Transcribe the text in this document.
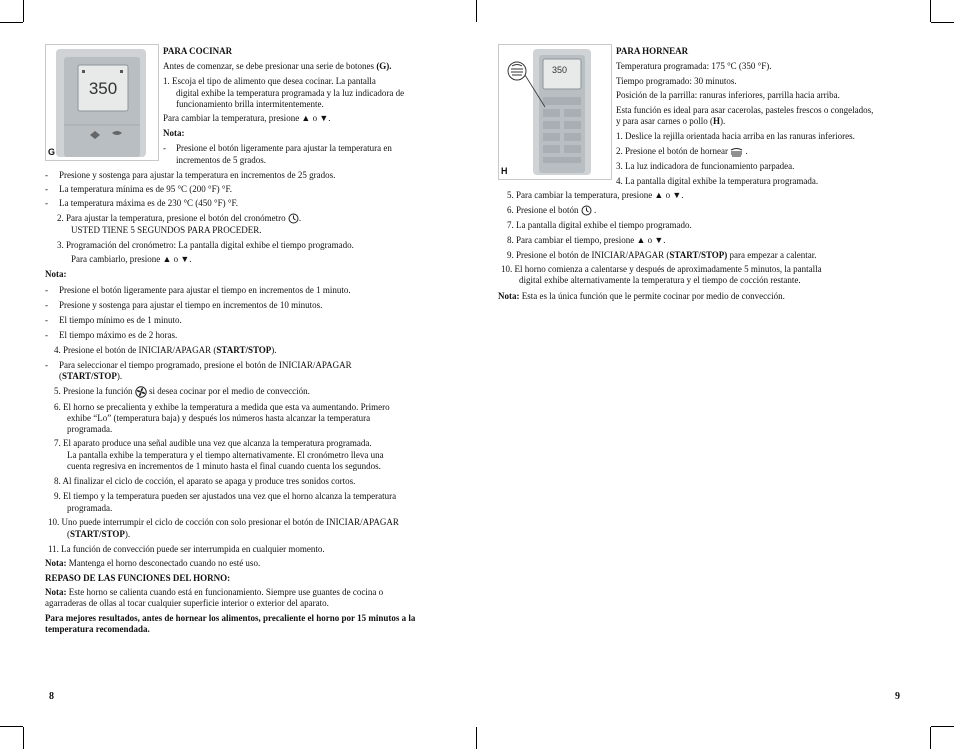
350
G
PARA COCINAR
Antes de comenzar, se debe presionar una serie de botones (G).
1. Escoja el tipo de alimento que desea cocinar. La pantalla
digital exhibe la temperatura programada y la luz indicadora de
funcionamiento brilla intermitentemente.
Para cambiar la temperatura, presione ▲ o ▼.
Nota:
- Presione el botón ligeramente para ajustar la temperatura en
incrementos de 5 grados.
- Presione y sostenga para ajustar la temperatura en incrementos de 25 grados.
- La temperatura mínima es de 95 °C (200 °F) °F.
- La temperatura máxima es de 230 °C (450 °F) °F.
2. Para ajustar la temperatura, presione el botón del cronómetro .
USTED TIENE 5 SEGUNDOS PARA PROCEDER.
3. Programación del cronómetro: La pantalla digital exhibe el tiempo programado.
Para cambiarlo, presione ▲ o ▼.
Nota:
- Presione el botón ligeramente para ajustar el tiempo en incrementos de 1 minuto.
- Presione y sostenga para ajustar el tiempo en incrementos de 10 minutos.
- El tiempo mínimo es de 1 minuto.
- El tiempo máximo es de 2 horas.
4. Presione el botón de INICIAR/APAGAR (START/STOP).
- Para seleccionar el tiempo programado, presione el botón de INICIAR/APAGAR
(START/STOP).
5. Presione la función si desea cocinar por el medio de convección.
6. El horno se precalienta y exhibe la temperatura a medida que esta va aumentando. Primero
exhibe “Lo” (temperatura baja) y después los números hasta alcanzar la temperatura
programada.
7. El aparato produce una señal audible una vez que alcanza la temperatura programada.
La pantalla exhibe la temperatura y el tiempo alternativamente. El cronómetro lleva una
cuenta regresiva en incrementos de 1 minuto hasta el final cuando cuenta los segundos.
8. Al finalizar el ciclo de cocción, el aparato se apaga y produce tres sonidos cortos.
9. El tiempo y la temperatura pueden ser ajustados una vez que el horno alcanza la temperatura
programada.
10. Uno puede interrumpir el ciclo de cocción con solo presionar el botón de INICIAR/APAGAR
(START/STOP).
11. La función de convección puede ser interrumpida en cualquier momento.
Nota: Mantenga el horno desconectado cuando no esté uso.
REPASO DE LAS FUNCIONES DEL HORNO:
Nota: Este horno se calienta cuando está en funcionamiento. Siempre use guantes de cocina o
agarraderas de ollas al tocar cualquier superficie interior o exterior del aparato.
Para mejores resultados, antes de hornear los alimentos, precaliente el horno por 15 minutos a la
temperatura recomendada.
8
350
H
PARA HORNEAR
Temperatura programada: 175 °C (350 °F).
Tiempo programado: 30 minutos.
Posición de la parrilla: ranuras inferiores, parrilla hacia arriba.
Esta función es ideal para asar cacerolas, pasteles frescos o congelados,
y para asar carnes o pollo (H).
1. Deslice la rejilla orientada hacia arriba en las ranuras inferiores.
2. Presione el botón de hornear  .
3. La luz indicadora de funcionamiento parpadea.
4. La pantalla digital exhibe la temperatura programada.
5. Para cambiar la temperatura, presione ▲ o ▼.
6. Presione el botón  .
7. La pantalla digital exhibe el tiempo programado.
8. Para cambiar el tiempo, presione ▲ o ▼.
9. Presione el botón de INICIAR/APAGAR (START/STOP) para empezar a calentar.
10. El horno comienza a calentarse y después de aproximadamente 5 minutos, la pantalla
digital exhibe alternativamente la temperatura y el tiempo de cocción restante.
Nota: Esta es la única función que le permite cocinar por medio de convección.
9
